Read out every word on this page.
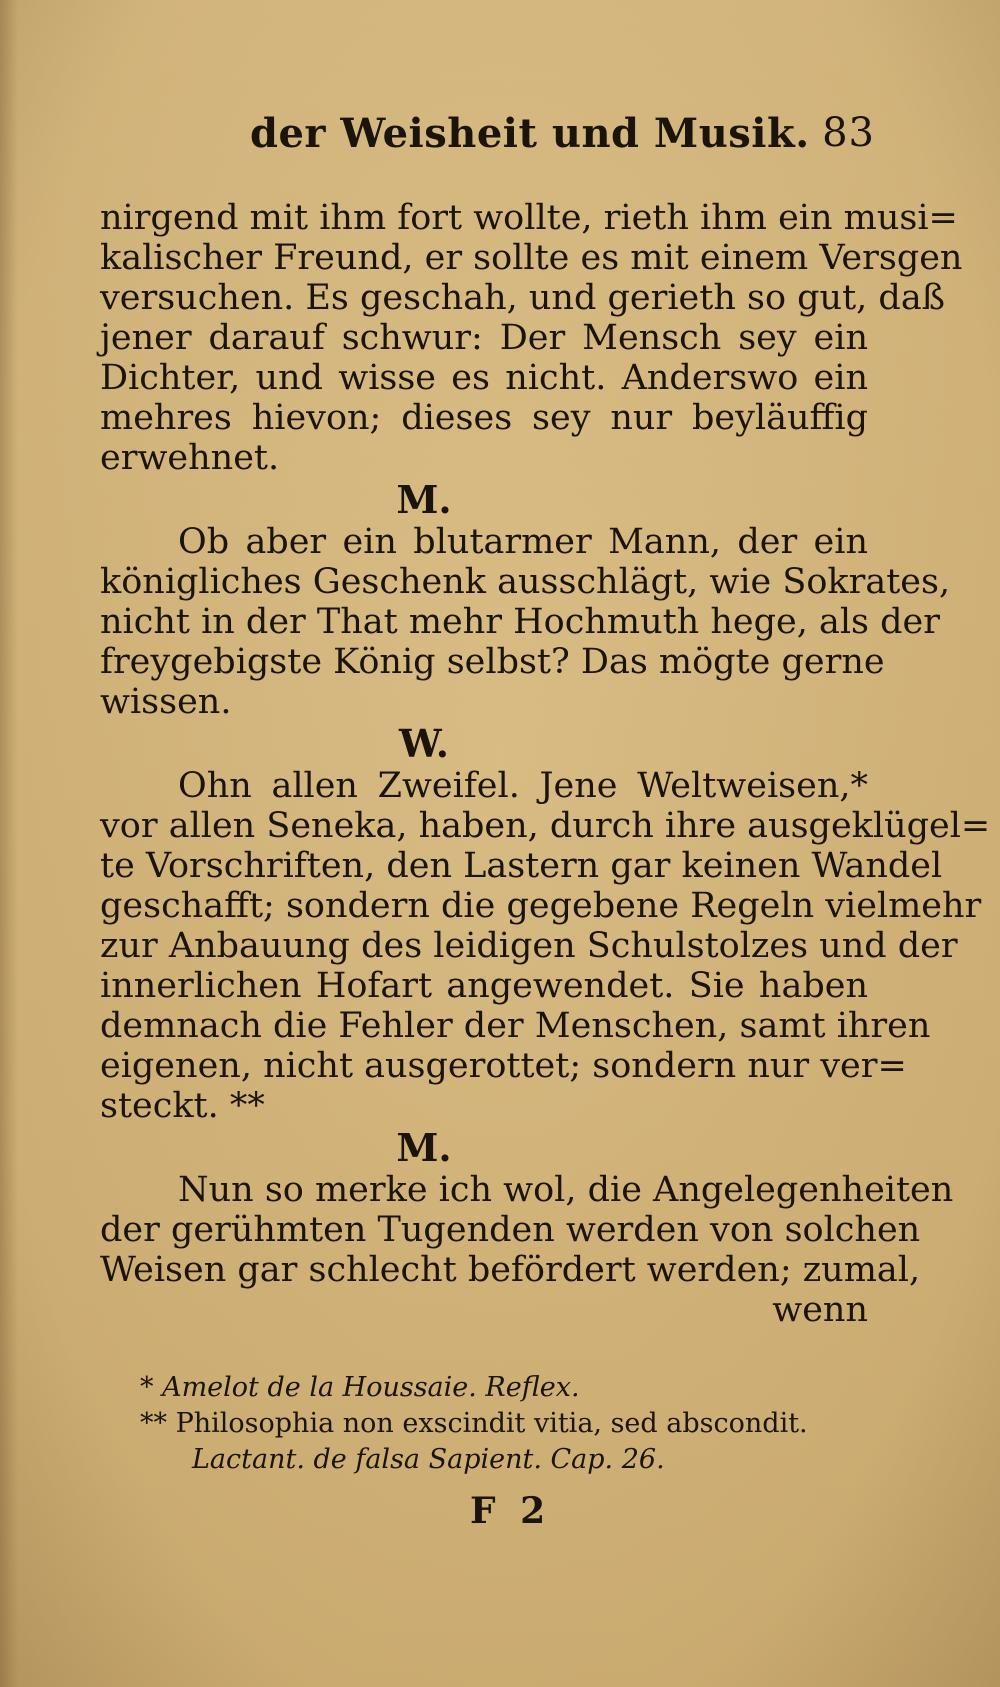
der Weisheit und Musik. 83
nirgend mit ihm fort wollte, rieth ihm ein musi=
kalischer Freund, er sollte es mit einem Versgen
versuchen. Es geschah, und gerieth so gut, daß
jener darauf schwur: Der Mensch sey ein
Dichter, und wisse es nicht. Anderswo ein
mehres hievon; dieses sey nur beyläuffig
erwehnet.
M.
Ob aber ein blutarmer Mann, der ein
königliches Geschenk ausschlägt, wie Sokrates,
nicht in der That mehr Hochmuth hege, als der
freygebigste König selbst? Das mögte gerne
wissen.
W.
Ohn allen Zweifel. Jene Weltweisen,*
vor allen Seneka, haben, durch ihre ausgeklügel=
te Vorschriften, den Lastern gar keinen Wandel
geschafft; sondern die gegebene Regeln vielmehr
zur Anbauung des leidigen Schulstolzes und der
innerlichen Hofart angewendet. Sie haben
demnach die Fehler der Menschen, samt ihren
eigenen, nicht ausgerottet; sondern nur ver=
steckt. **
M.
Nun so merke ich wol, die Angelegenheiten
der gerühmten Tugenden werden von solchen
Weisen gar schlecht befördert werden; zumal,
wenn
* Amelot de la Houssaie. Reflex.
** Philosophia non exscindit vitia, sed abscondit.
Lactant. de falsa Sapient. Cap. 26.
F 2
